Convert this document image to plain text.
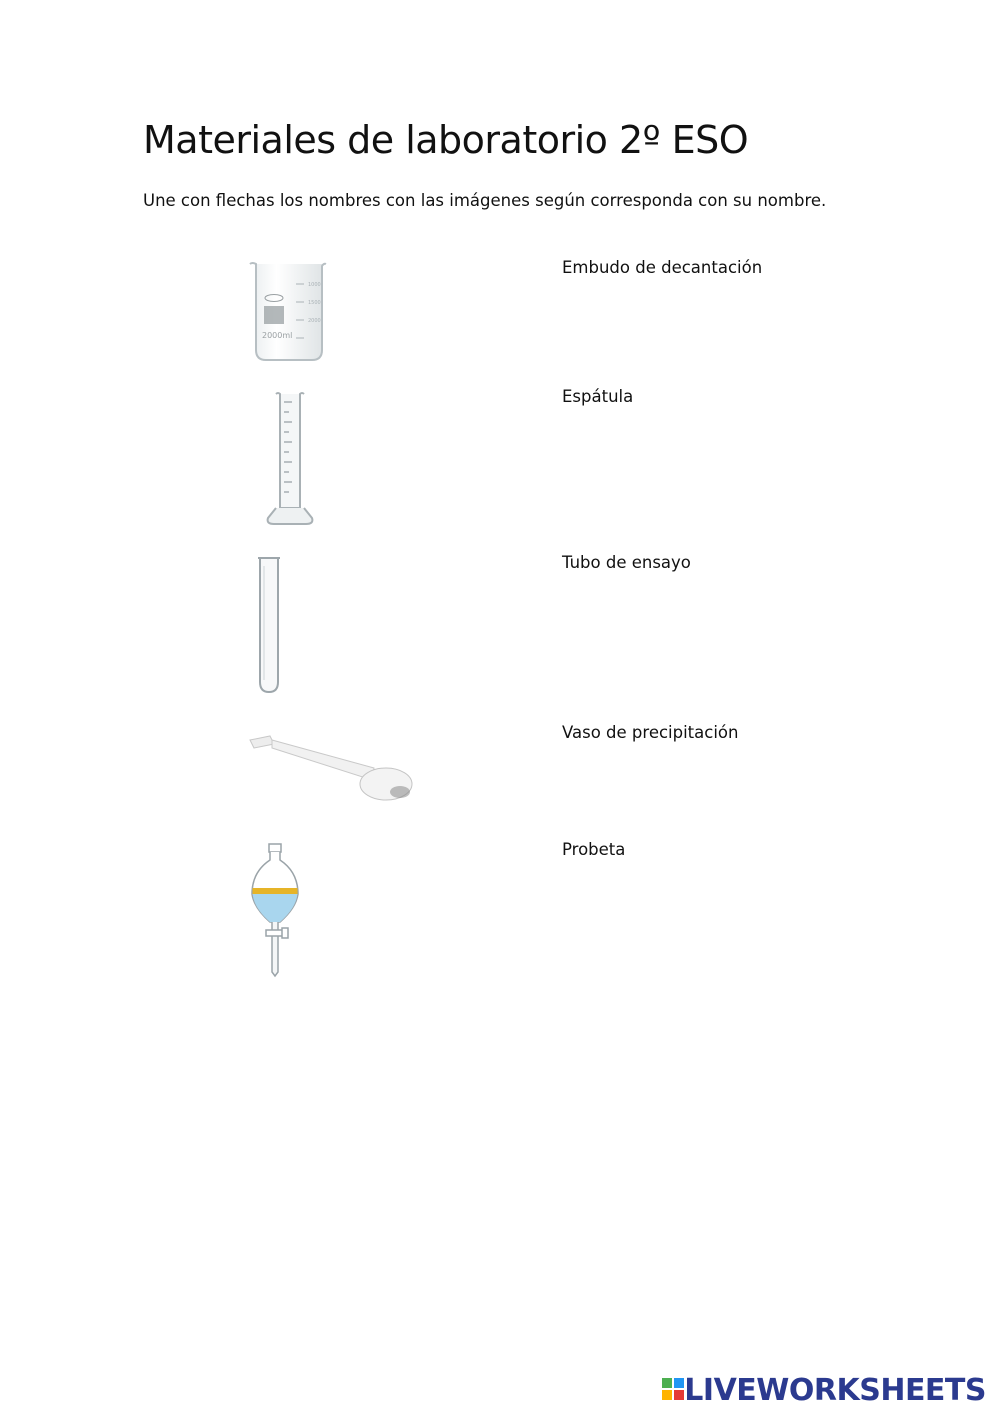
Materiales de laboratorio 2º ESO

Une con flechas los nombres con las imágenes según corresponda con su nombre.

1000
1500
2000
2000ml
Embudo de decantación
Espátula
Tubo de ensayo
Vaso de precipitación
Probeta
LIVEWORKSHEETS
